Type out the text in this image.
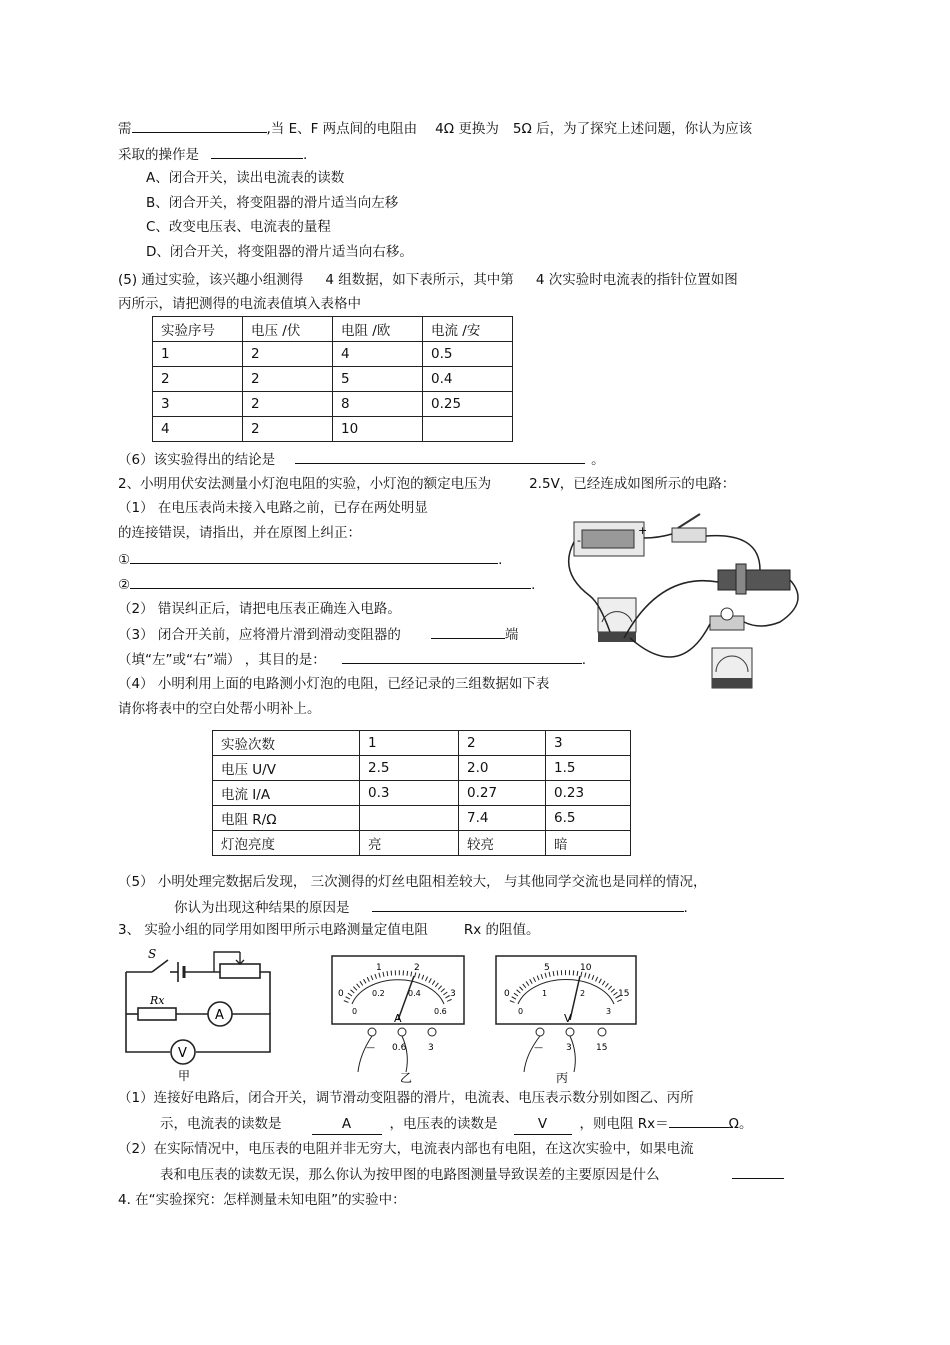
需	,当 E、F 两点间的电阻由 4Ω 更换为 5Ω 后，为了探究上述问题，你认为应该
采取的操作是	.
A、闭合开关，读出电流表的读数
B、闭合开关，将变阻器的滑片适当向左移
C、改变电压表、电流表的量程
D、闭合开关，将变阻器的滑片适当向右移。
(5) 通过实验，该兴趣小组测得 4 组数据，如下表所示，其中第 4 次实验时电流表的指针位置如图
丙所示，请把测得的电流表值填入表格中
实验序号	电压 /伏	电阻 /欧	电流 /安
1	2	4	0.5
2	2	5	0.4
3	2	8	0.25
4	2	10	
（6）该实验得出的结论是	。
2、小明用伏安法测量小灯泡电阻的实验，小灯泡的额定电压为	2.5V，已经连成如图所示的电路：
（1） 在电压表尚未接入电路之前，已存在两处明显
的连接错误，请指出，并在原图上纠正：
①	.
②	.
（2） 错误纠正后，请把电压表正确连入电路。
（3） 闭合开关前，应将滑片滑到滑动变阻器的	端
（填“左”或“右”端） ，其目的是：	.
（4） 小明利用上面的电路测小灯泡的电阻，已经记录的三组数据如下表
请你将表中的空白处帮小明补上。
-
+
实验次数	1	2	3
电压 U/V	2.5	2.0	1.5
电流 I/A	0.3	0.27	0.23
电阻 R/Ω		7.4	6.5
灯泡亮度	亮	较亮	暗
（5） 小明处理完数据后发现， 三次测得的灯丝电阻相差较大， 与其他同学交流也是同样的情况，
你认为出现这种结果的原因是	.
3、 实验小组的同学用如图甲所示电路测量定值电阻	Rx 的阻值。
S
Rx
A
V
甲
0
1	2
3
0
0.2	0.4
0.6
A
— 0.6 3
乙
0
5	10
15
0
1	2
3
V
—	3	15
丙
（1）连接好电路后，闭合开关，调节滑动变阻器的滑片，电流表、电压表示数分别如图乙、丙所
示，电流表的读数是	A	，电压表的读数是	V ，则电阻 Rx＝	Ω。
（2）在实际情况中，电压表的电阻并非无穷大，电流表内部也有电阻，在这次实验中，如果电流
表和电压表的读数无误，那么你认为按甲图的电路图测量导致误差的主要原因是什么
4. 在“实验探究：怎样测量未知电阻”的实验中：
